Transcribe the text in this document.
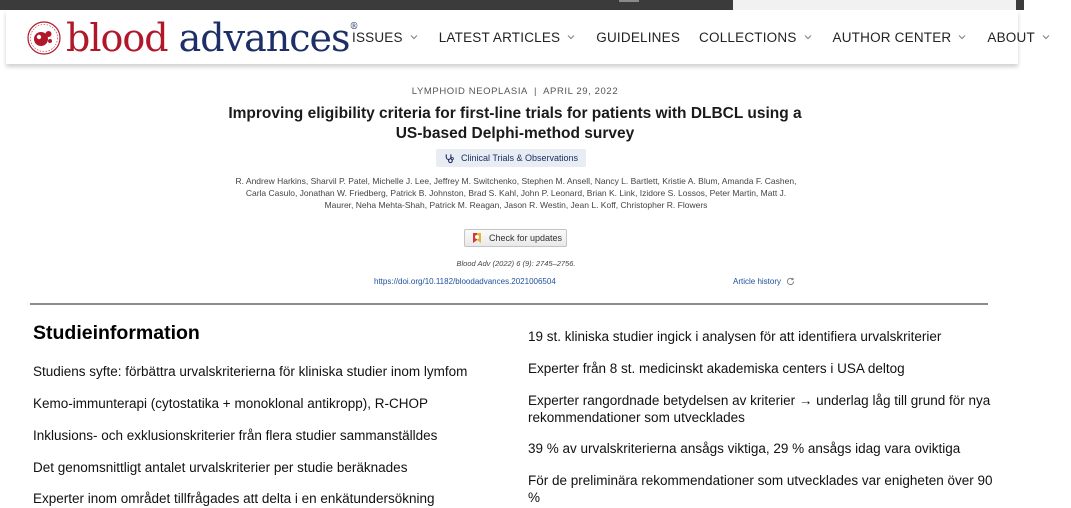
blood advances®
ISSUES	LATEST ARTICLES	GUIDELINES COLLECTIONS	AUTHOR CENTER	ABOUT
LYMPHOID NEOPLASIA | APRIL 29, 2022
Improving eligibility criteria for first-line trials for patients with DLBCL using a US-based Delphi-method survey
Clinical Trials & Observations

R. Andrew Harkins, Sharvil P. Patel, Michelle J. Lee, Jeffrey M. Switchenko, Stephen M. Ansell, Nancy L. Bartlett, Kristie A. Blum, Amanda F. Cashen, Carla Casulo, Jonathan W. Friedberg, Patrick B. Johnston, Brad S. Kahl, John P. Leonard, Brian K. Link, Izidore S. Lossos, Peter Martin, Matt J. Maurer, Neha Mehta-Shah, Patrick M. Reagan, Jason R. Westin, Jean L. Koff, Christopher R. Flowers

Check for updates
Blood Adv (2022) 6 (9): 2745–2756.
https://doi.org/10.1182/bloodadvances.2021006504	Article history
Studieinformation
Studiens syfte: förbättra urvalskriterierna för kliniska studier inom lymfom
Kemo-immunterapi (cytostatika + monoklonal antikropp), R-CHOP
Inklusions- och exklusionskriterier från flera studier sammanställdes
Det genomsnittligt antalet urvalskriterier per studie beräknades
Experter inom området tillfrågades att delta i en enkätundersökning
19 st. kliniska studier ingick i analysen för att identifiera urvalskriterier
Experter från 8 st. medicinskt akademiska centers i USA deltog
Experter rangordnade betydelsen av kriterier → underlag låg till grund för nya rekommendationer som utvecklades
39 % av urvalskriterierna ansågs viktiga, 29 % ansågs idag vara oviktiga
För de preliminära rekommendationer som utvecklades var enigheten över 90 %
